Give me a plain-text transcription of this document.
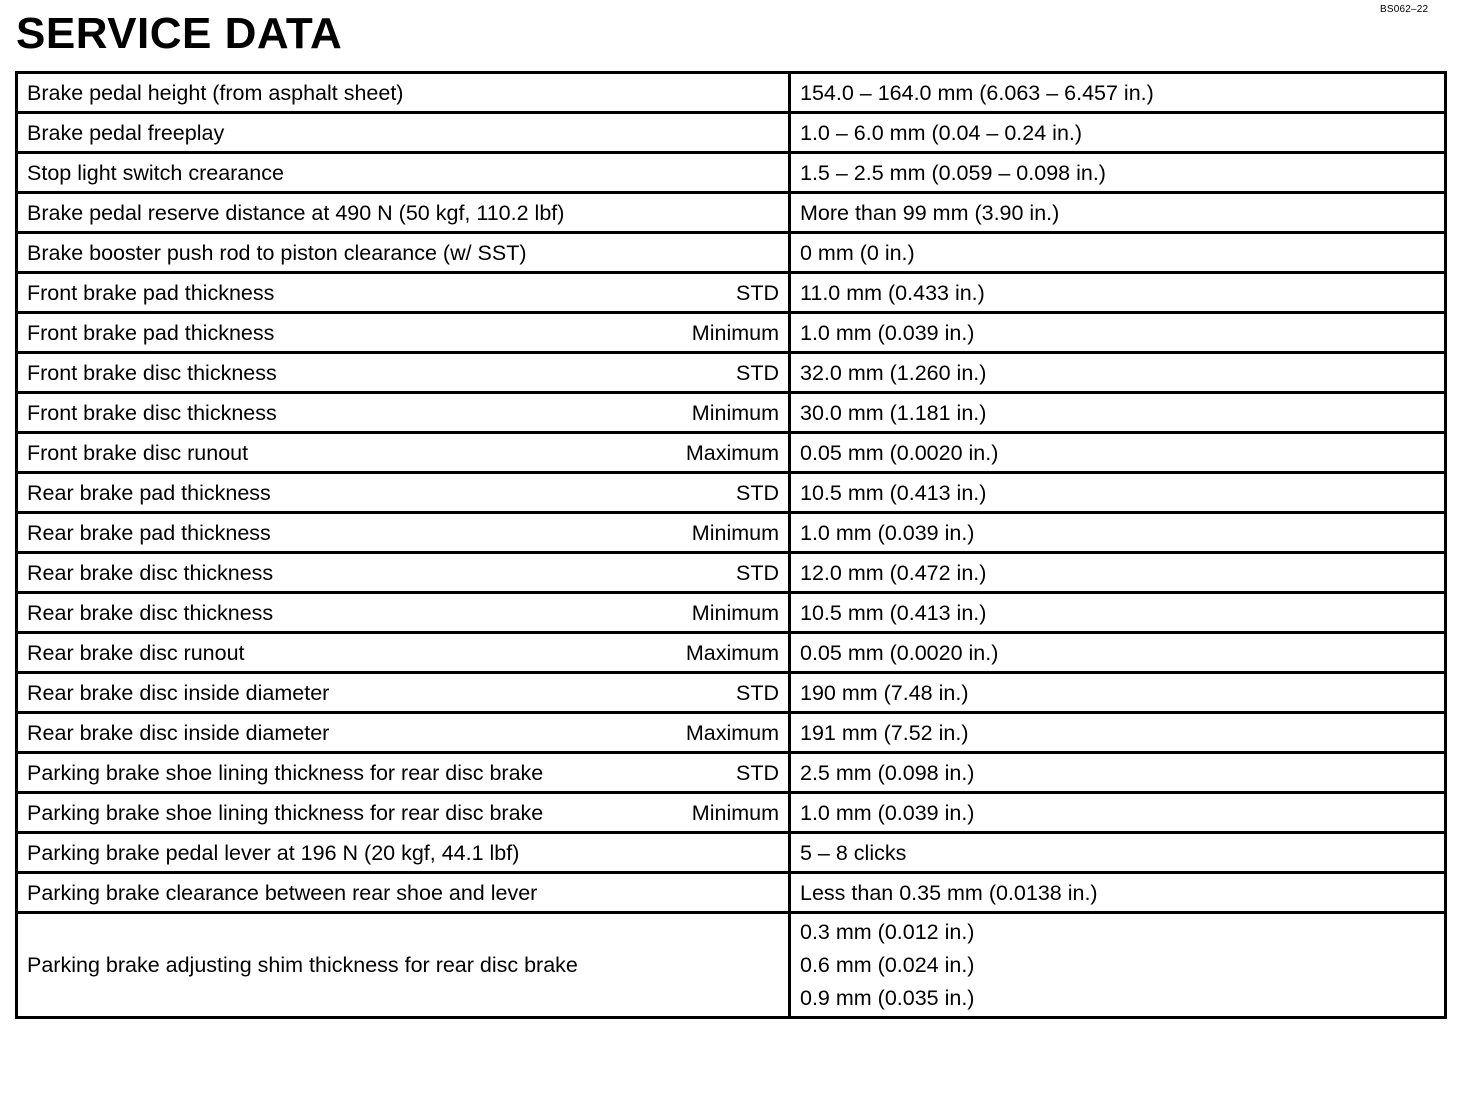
BS062–22
SERVICE DATA
Brake pedal height (from asphalt sheet)	154.0 – 164.0 mm (6.063 – 6.457 in.)

Brake pedal freeplay	1.0 – 6.0 mm (0.04 – 0.24 in.)

Stop light switch crearance	1.5 – 2.5 mm (0.059 – 0.098 in.)

Brake pedal reserve distance at 490 N (50 kgf, 110.2 lbf)	More than 99 mm (3.90 in.)

Brake booster push rod to piston clearance (w/ SST)	0 mm (0 in.)

Front brake pad thickness STD	11.0 mm (0.433 in.)

Front brake pad thickness Minimum	1.0 mm (0.039 in.)

Front brake disc thickness STD	32.0 mm (1.260 in.)

Front brake disc thickness Minimum	30.0 mm (1.181 in.)

Front brake disc runout Maximum	0.05 mm (0.0020 in.)

Rear brake pad thickness STD	10.5 mm (0.413 in.)

Rear brake pad thickness Minimum	1.0 mm (0.039 in.)

Rear brake disc thickness STD	12.0 mm (0.472 in.)

Rear brake disc thickness Minimum	10.5 mm (0.413 in.)

Rear brake disc runout Maximum	0.05 mm (0.0020 in.)

Rear brake disc inside diameter STD	190 mm (7.48 in.)

Rear brake disc inside diameter Maximum	191 mm (7.52 in.)

Parking brake shoe lining thickness for rear disc brake STD	2.5 mm (0.098 in.)

Parking brake shoe lining thickness for rear disc brake Minimum	1.0 mm (0.039 in.)

Parking brake pedal lever at 196 N (20 kgf, 44.1 lbf)	5 – 8 clicks

Parking brake clearance between rear shoe and lever	Less than 0.35 mm (0.0138 in.)

Parking brake adjusting shim thickness for rear disc brake	0.3 mm (0.012 in.)
0.6 mm (0.024 in.)
0.9 mm (0.035 in.)
